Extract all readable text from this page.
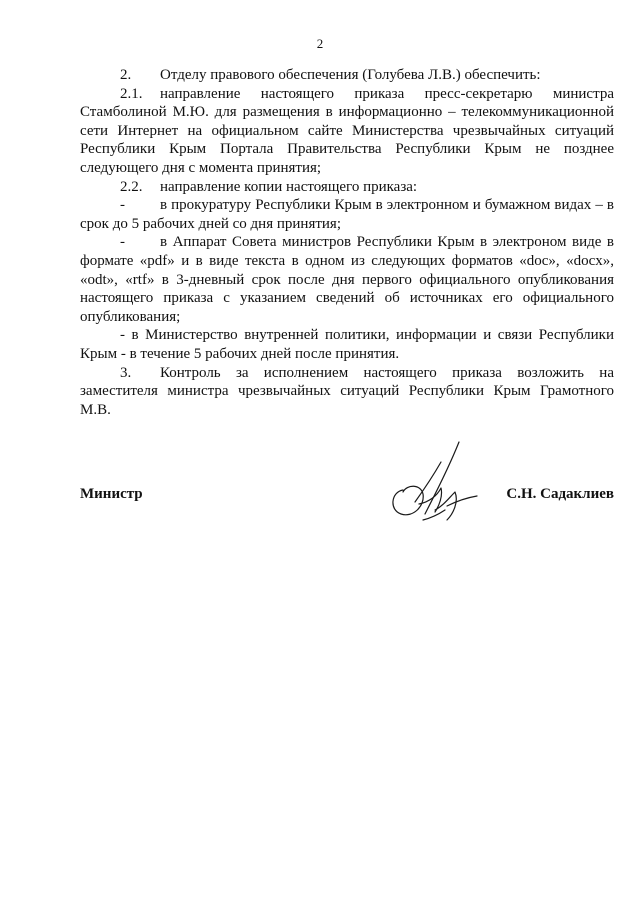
2

2. Отделу правового обеспечения (Голубева Л.В.) обеспечить:

2.1. направление настоящего приказа пресс-секретарю министра Стамболиной М.Ю. для размещения в информационно – телекоммуникационной сети Интернет на официальном сайте Министерства чрезвычайных ситуаций Республики Крым Портала Правительства Республики Крым не позднее следующего дня с момента принятия;

2.2. направление копии настоящего приказа:

- в прокуратуру Республики Крым в электронном и бумажном видах – в срок до 5 рабочих дней со дня принятия;

- в Аппарат Совета министров Республики Крым в электроном виде в формате «pdf» и в виде текста в одном из следующих форматов «doc», «docx», «odt», «rtf» в 3-дневный срок после дня первого официального опубликования настоящего приказа с указанием сведений об источниках его официального опубликования;

- в Министерство внутренней политики, информации и связи Республики Крым - в течение 5 рабочих дней после принятия.

3. Контроль за исполнением настоящего приказа возложить на заместителя министра чрезвычайных ситуаций Республики Крым Грамотного М.В.

Министр	С.Н. Садаклиев
